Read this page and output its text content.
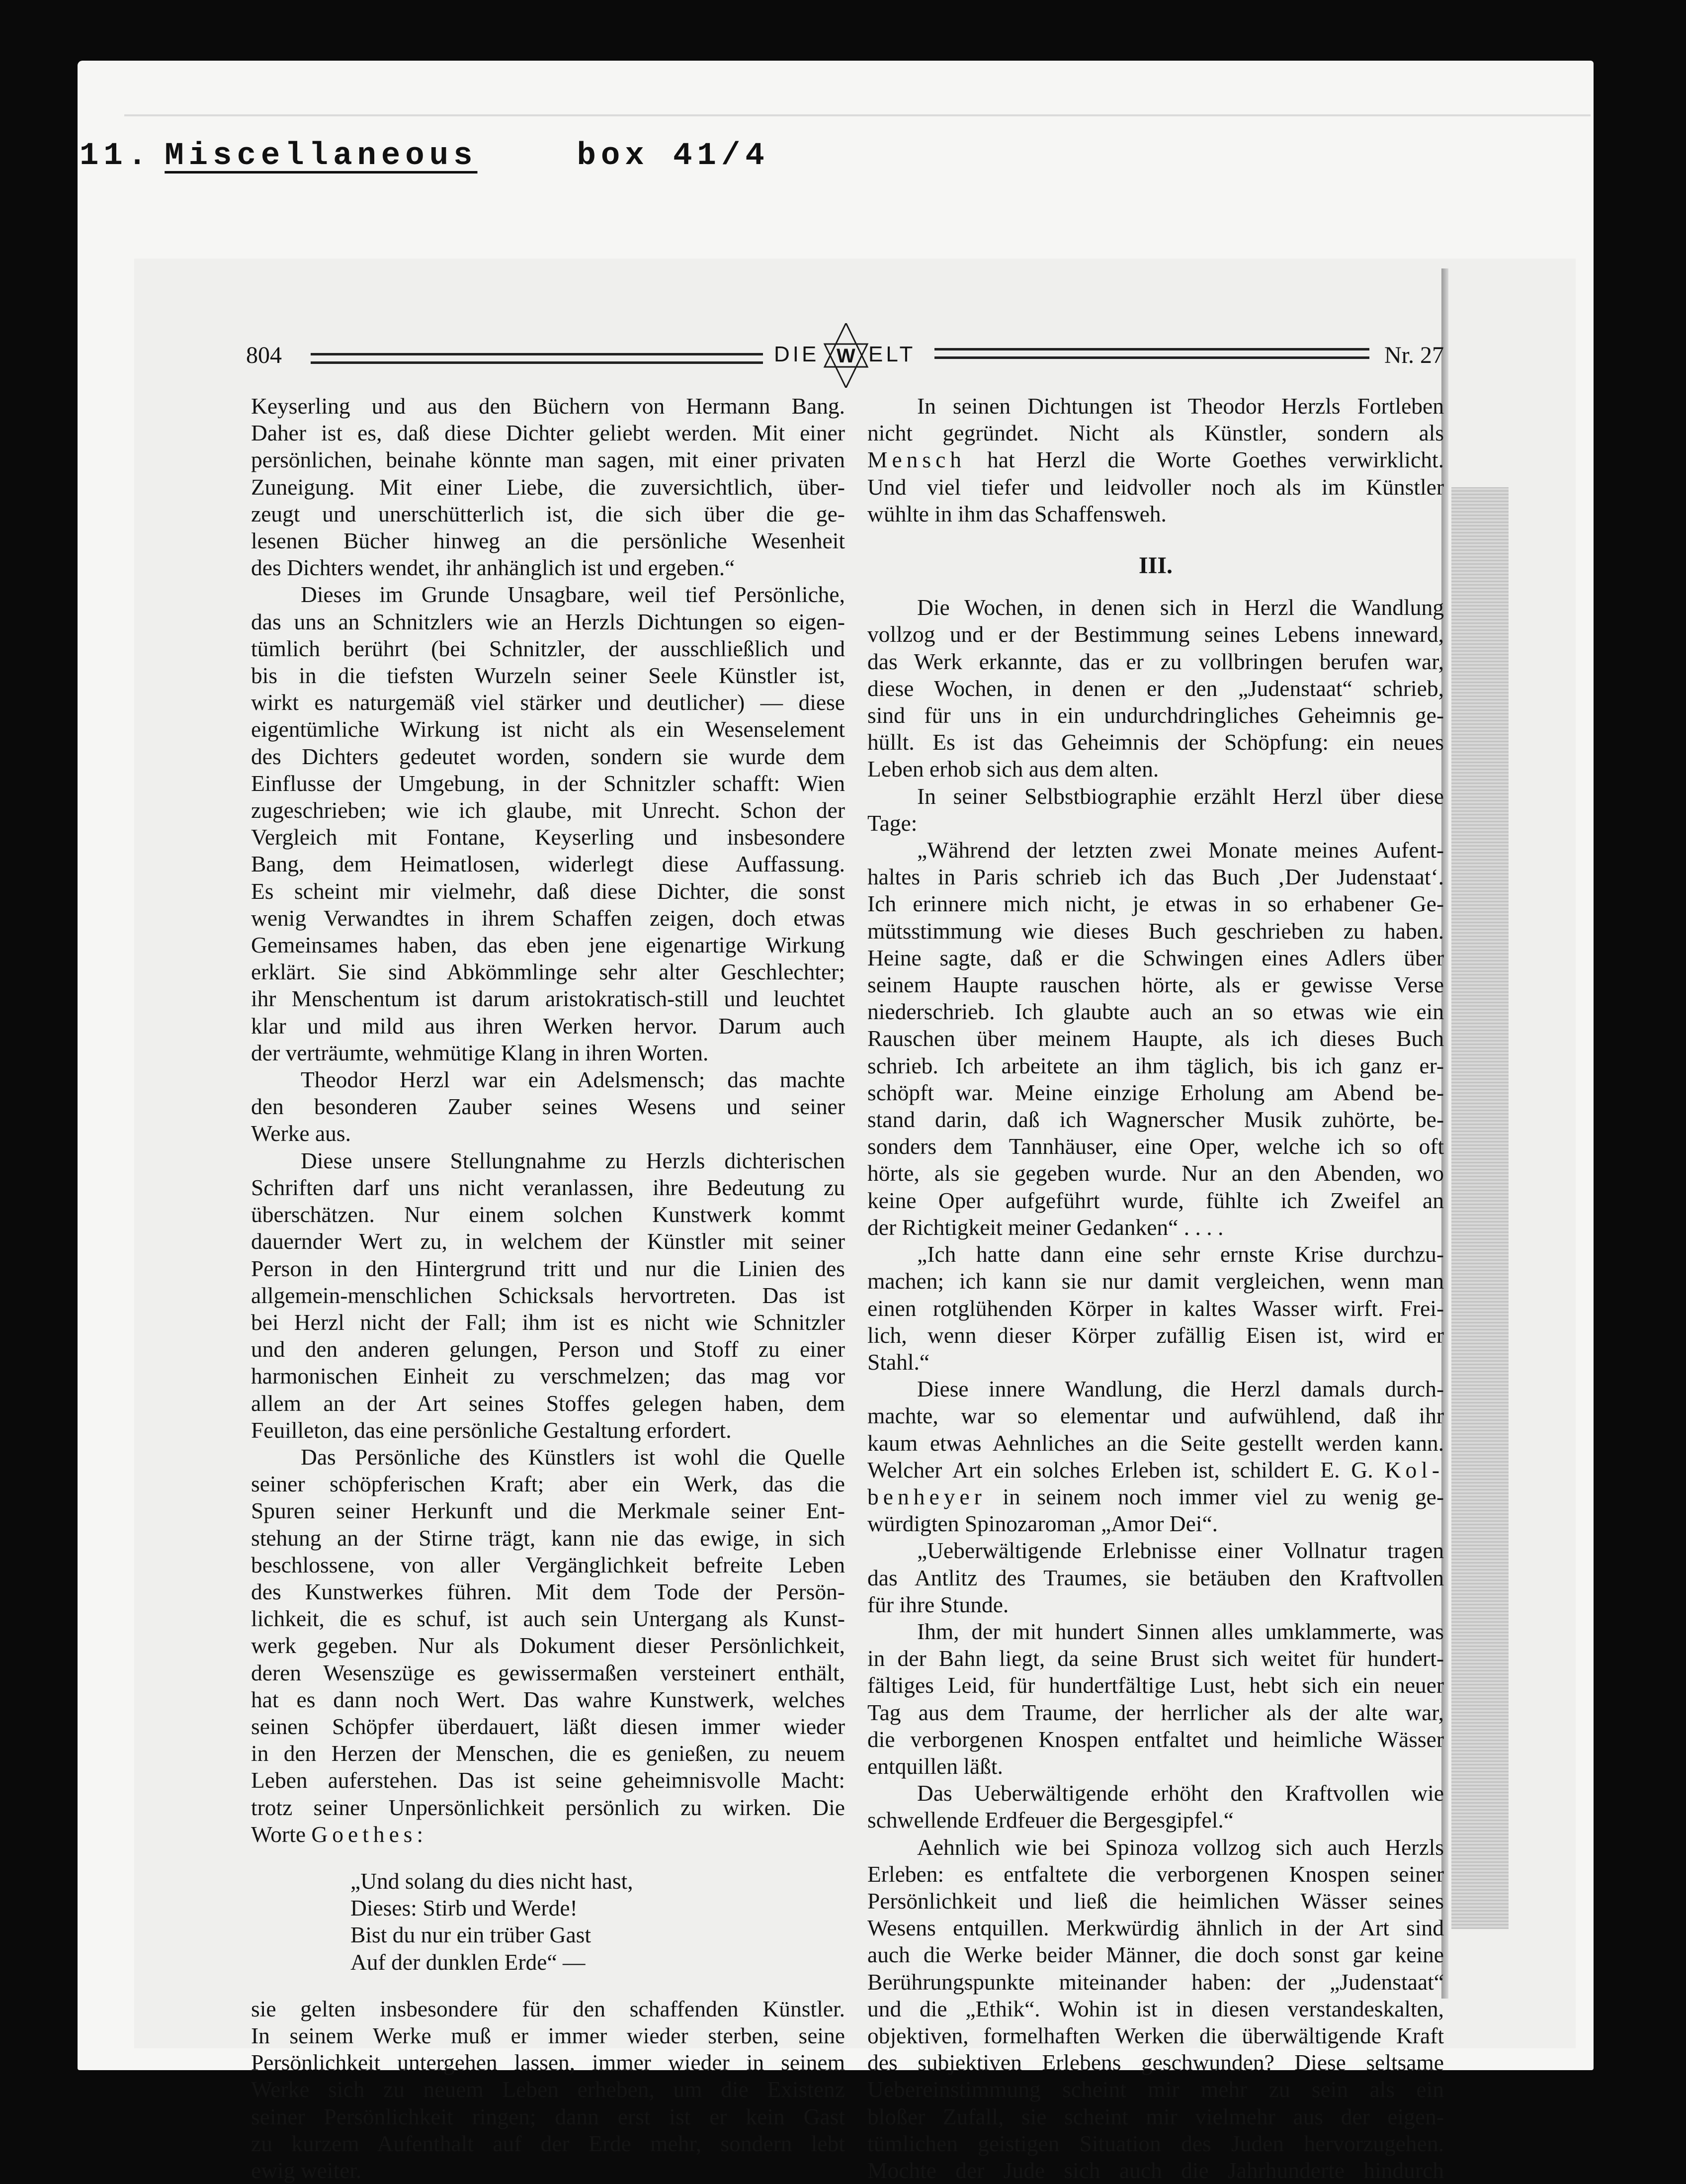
11. Miscellaneous	box 41/4
804	DIE W ELT	Nr. 27

Keyserling und aus den Büchern von Hermann Bang.
Daher ist es, daß diese Dichter geliebt werden. Mit einer
persönlichen, beinahe könnte man sagen, mit einer privaten
Zuneigung. Mit einer Liebe, die zuversichtlich, über-
zeugt und unerschütterlich ist, die sich über die ge-
lesenen Bücher hinweg an die persönliche Wesenheit
des Dichters wendet, ihr anhänglich ist und ergeben.“

Dieses im Grunde Unsagbare, weil tief Persönliche,
das uns an Schnitzlers wie an Herzls Dichtungen so eigen-
tümlich berührt (bei Schnitzler, der ausschließlich und
bis in die tiefsten Wurzeln seiner Seele Künstler ist,
wirkt es naturgemäß viel stärker und deutlicher) — diese
eigentümliche Wirkung ist nicht als ein Wesenselement
des Dichters gedeutet worden, sondern sie wurde dem
Einflusse der Umgebung, in der Schnitzler schafft: Wien
zugeschrieben; wie ich glaube, mit Unrecht. Schon der
Vergleich mit Fontane, Keyserling und insbesondere
Bang, dem Heimatlosen, widerlegt diese Auffassung.
Es scheint mir vielmehr, daß diese Dichter, die sonst
wenig Verwandtes in ihrem Schaffen zeigen, doch etwas
Gemeinsames haben, das eben jene eigenartige Wirkung
erklärt. Sie sind Abkömmlinge sehr alter Geschlechter;
ihr Menschentum ist darum aristokratisch-still und leuchtet
klar und mild aus ihren Werken hervor. Darum auch
der verträumte, wehmütige Klang in ihren Worten.

Theodor Herzl war ein Adelsmensch; das machte
den besonderen Zauber seines Wesens und seiner
Werke aus.

Diese unsere Stellungnahme zu Herzls dichterischen
Schriften darf uns nicht veranlassen, ihre Bedeutung zu
überschätzen. Nur einem solchen Kunstwerk kommt
dauernder Wert zu, in welchem der Künstler mit seiner
Person in den Hintergrund tritt und nur die Linien des
allgemein-menschlichen Schicksals hervortreten. Das ist
bei Herzl nicht der Fall; ihm ist es nicht wie Schnitzler
und den anderen gelungen, Person und Stoff zu einer
harmonischen Einheit zu verschmelzen; das mag vor
allem an der Art seines Stoffes gelegen haben, dem
Feuilleton, das eine persönliche Gestaltung erfordert.

Das Persönliche des Künstlers ist wohl die Quelle
seiner schöpferischen Kraft; aber ein Werk, das die
Spuren seiner Herkunft und die Merkmale seiner Ent-
stehung an der Stirne trägt, kann nie das ewige, in sich
beschlossene, von aller Vergänglichkeit befreite Leben
des Kunstwerkes führen. Mit dem Tode der Persön-
lichkeit, die es schuf, ist auch sein Untergang als Kunst-
werk gegeben. Nur als Dokument dieser Persönlichkeit,
deren Wesenszüge es gewissermaßen versteinert enthält,
hat es dann noch Wert. Das wahre Kunstwerk, welches
seinen Schöpfer überdauert, läßt diesen immer wieder
in den Herzen der Menschen, die es genießen, zu neuem
Leben auferstehen. Das ist seine geheimnisvolle Macht:
trotz seiner Unpersönlichkeit persönlich zu wirken. Die

Worte Goethes:

„Und solang du dies nicht hast,
Dieses: Stirb und Werde!
Bist du nur ein trüber Gast
Auf der dunklen Erde“ —

sie gelten insbesondere für den schaffenden Künstler.
In seinem Werke muß er immer wieder sterben, seine
Persönlichkeit untergehen lassen, immer wieder in seinem
Werke sich zu neuem Leben erheben, um die Existenz
seiner Persönlichkeit ringen; dann erst ist er kein Gast
zu kurzem Aufenthalt auf der Erde mehr, sondern lebt
ewig weiter.

In seinen Dichtungen ist Theodor Herzls Fortleben
nicht gegründet. Nicht als Künstler, sondern als

Mensch hat Herzl die Worte Goethes verwirklicht.

Und viel tiefer und leidvoller noch als im Künstler
wühlte in ihm das Schaffensweh.

III.

Die Wochen, in denen sich in Herzl die Wandlung
vollzog und er der Bestimmung seines Lebens inneward,
das Werk erkannte, das er zu vollbringen berufen war,
diese Wochen, in denen er den „Judenstaat“ schrieb,
sind für uns in ein undurchdringliches Geheimnis ge-
hüllt. Es ist das Geheimnis der Schöpfung: ein neues
Leben erhob sich aus dem alten.

In seiner Selbstbiographie erzählt Herzl über diese
Tage:

„Während der letzten zwei Monate meines Aufent-
haltes in Paris schrieb ich das Buch ‚Der Judenstaat‘.
Ich erinnere mich nicht, je etwas in so erhabener Ge-
mütsstimmung wie dieses Buch geschrieben zu haben.
Heine sagte, daß er die Schwingen eines Adlers über
seinem Haupte rauschen hörte, als er gewisse Verse
niederschrieb. Ich glaubte auch an so etwas wie ein
Rauschen über meinem Haupte, als ich dieses Buch
schrieb. Ich arbeitete an ihm täglich, bis ich ganz er-
schöpft war. Meine einzige Erholung am Abend be-
stand darin, daß ich Wagnerscher Musik zuhörte, be-
sonders dem Tannhäuser, eine Oper, welche ich so oft
hörte, als sie gegeben wurde. Nur an den Abenden, wo
keine Oper aufgeführt wurde, fühlte ich Zweifel an
der Richtigkeit meiner Gedanken“ . . . .

„Ich hatte dann eine sehr ernste Krise durchzu-
machen; ich kann sie nur damit vergleichen, wenn man
einen rotglühenden Körper in kaltes Wasser wirft. Frei-
lich, wenn dieser Körper zufällig Eisen ist, wird er
Stahl.“

Diese innere Wandlung, die Herzl damals durch-
machte, war so elementar und aufwühlend, daß ihr
kaum etwas Aehnliches an die Seite gestellt werden kann.

Welcher Art ein solches Erleben ist, schildert E. G. Kol-
benheyer in seinem noch immer viel zu wenig ge-
würdigten Spinozaroman „Amor Dei“.

„Ueberwältigende Erlebnisse einer Vollnatur tragen
das Antlitz des Traumes, sie betäuben den Kraftvollen
für ihre Stunde.

Ihm, der mit hundert Sinnen alles umklammerte, was
in der Bahn liegt, da seine Brust sich weitet für hundert-
fältiges Leid, für hundertfältige Lust, hebt sich ein neuer
Tag aus dem Traume, der herrlicher als der alte war,
die verborgenen Knospen entfaltet und heimliche Wässer
entquillen läßt.

Das Ueberwältigende erhöht den Kraftvollen wie
schwellende Erdfeuer die Bergesgipfel.“

Aehnlich wie bei Spinoza vollzog sich auch Herzls
Erleben: es entfaltete die verborgenen Knospen seiner
Persönlichkeit und ließ die heimlichen Wässer seines
Wesens entquillen. Merkwürdig ähnlich in der Art sind
auch die Werke beider Männer, die doch sonst gar keine
Berührungspunkte miteinander haben: der „Judenstaat“
und die „Ethik“. Wohin ist in diesen verstandeskalten,
objektiven, formelhaften Werken die überwältigende Kraft
des subjektiven Erlebens geschwunden? Diese seltsame
Uebereinstimmung scheint mir mehr zu sein als ein
bloßer Zufall, sie scheint mir vielmehr aus der eigen-
tümlichen geistigen Situation des Juden hervorzugehen.
Mochte der Jude sich auch die Jahrhunderte hindurch
